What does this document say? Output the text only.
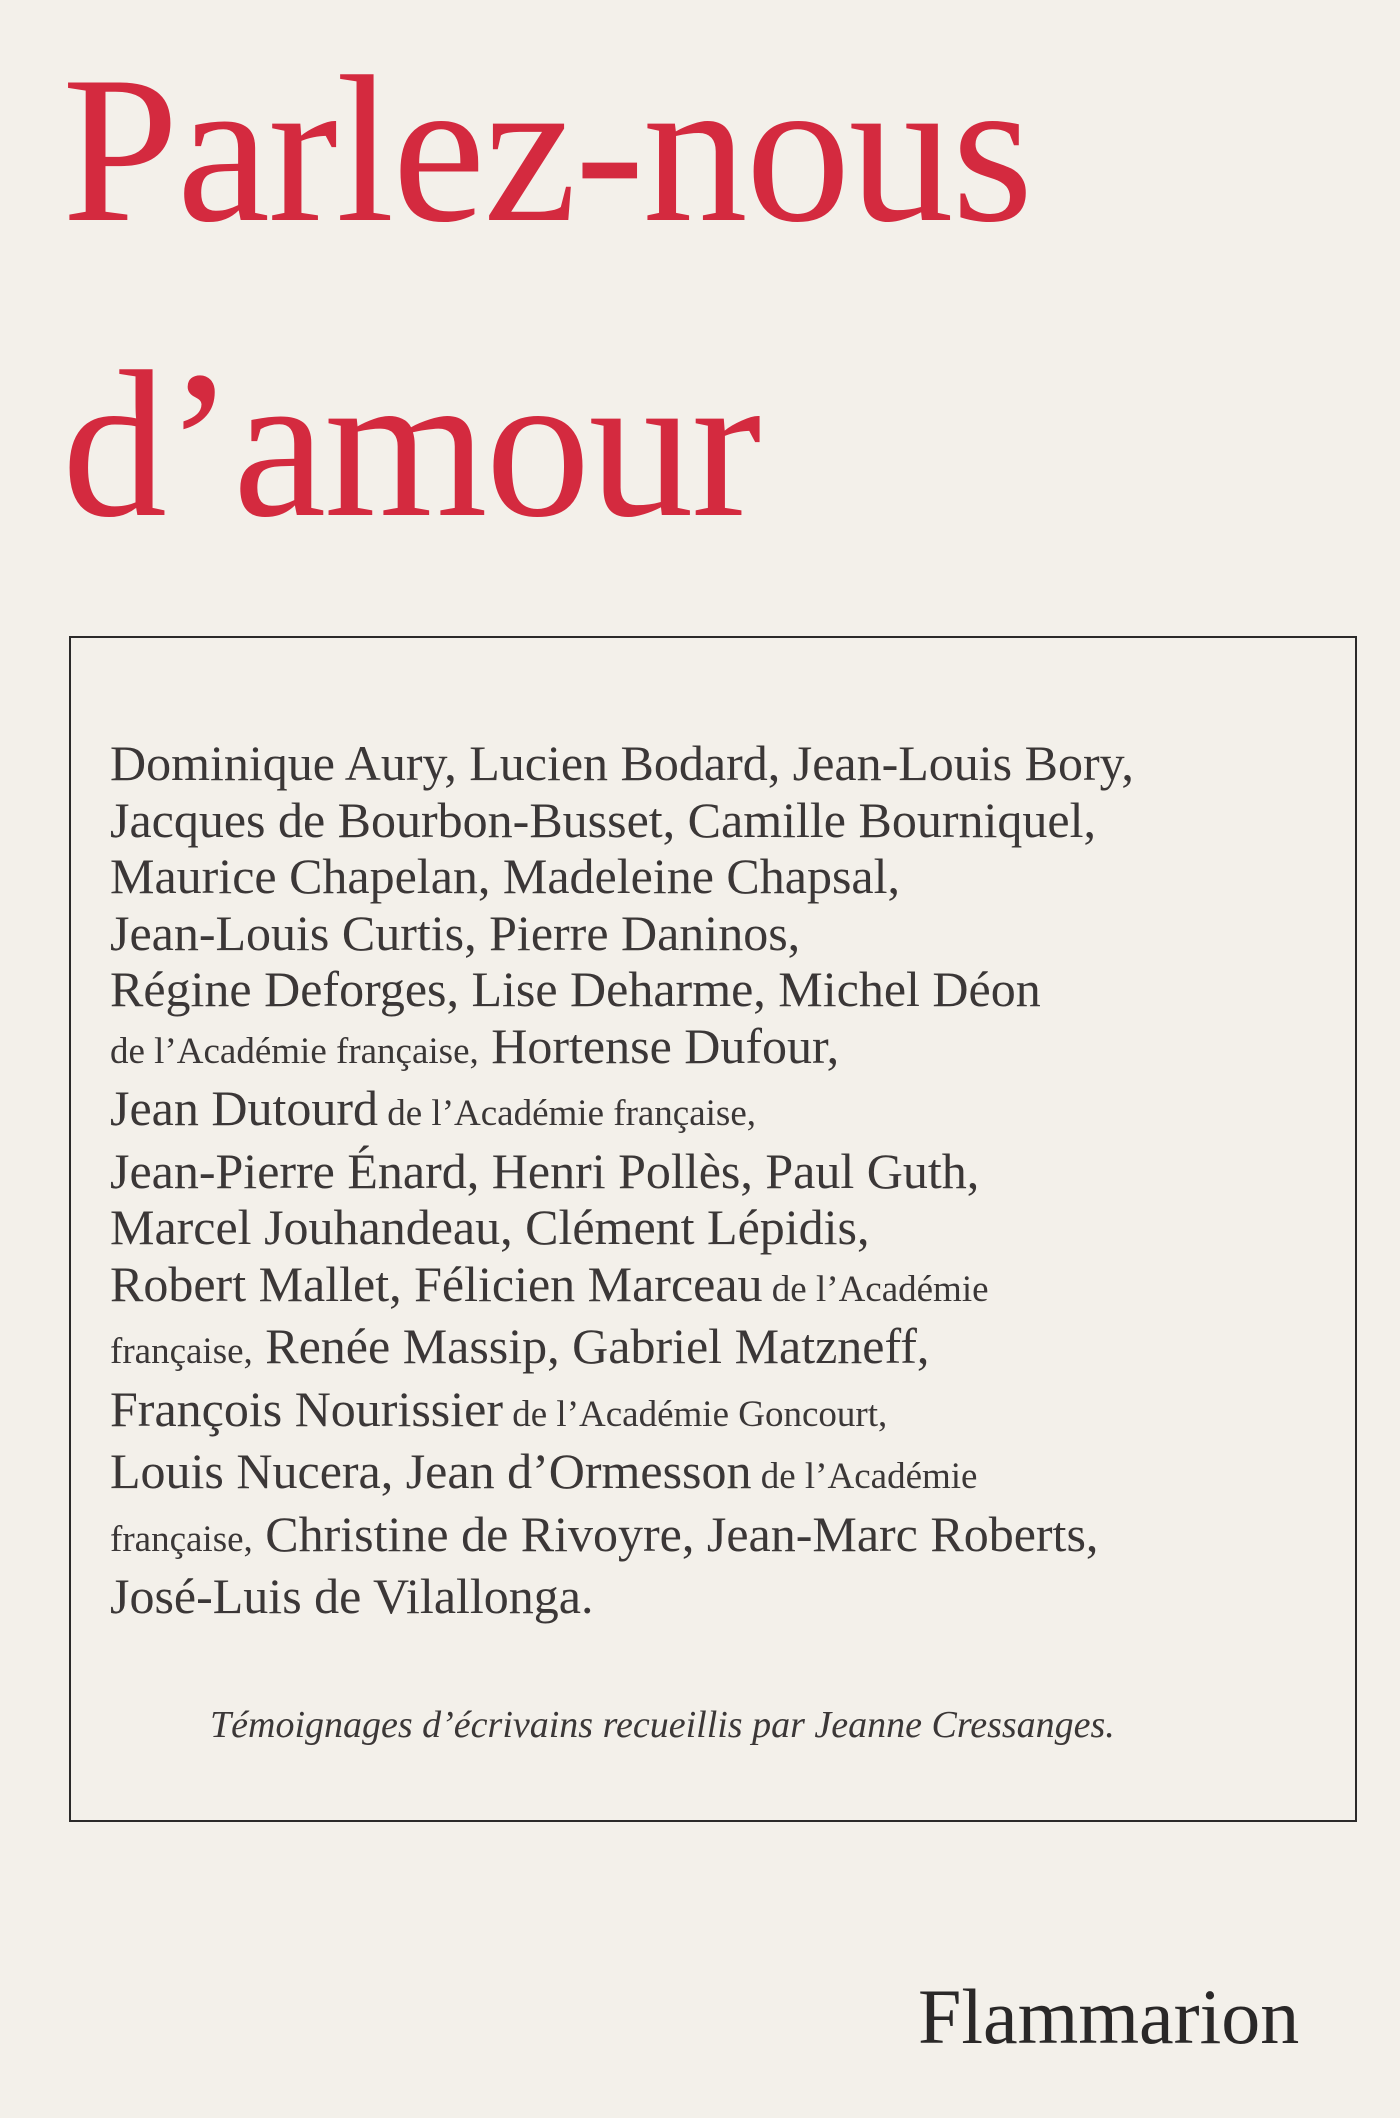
Parlez-nous
d’amour
Dominique Aury, Lucien Bodard, Jean-Louis Bory,
Jacques de Bourbon-Busset, Camille Bourniquel,
Maurice Chapelan, Madeleine Chapsal,
Jean-Louis Curtis, Pierre Daninos,
Régine Deforges, Lise Deharme, Michel Déon
de l’Académie française, Hortense Dufour,
Jean Dutourd de l’Académie française,
Jean-Pierre Énard, Henri Pollès, Paul Guth,
Marcel Jouhandeau, Clément Lépidis,
Robert Mallet, Félicien Marceau de l’Académie
française, Renée Massip, Gabriel Matzneff,
François Nourissier de l’Académie Goncourt,
Louis Nucera, Jean d’Ormesson de l’Académie
française, Christine de Rivoyre, Jean-Marc Roberts,
José-Luis de Vilallonga.
Témoignages d’écrivains recueillis par Jeanne Cressanges.
Flammarion
